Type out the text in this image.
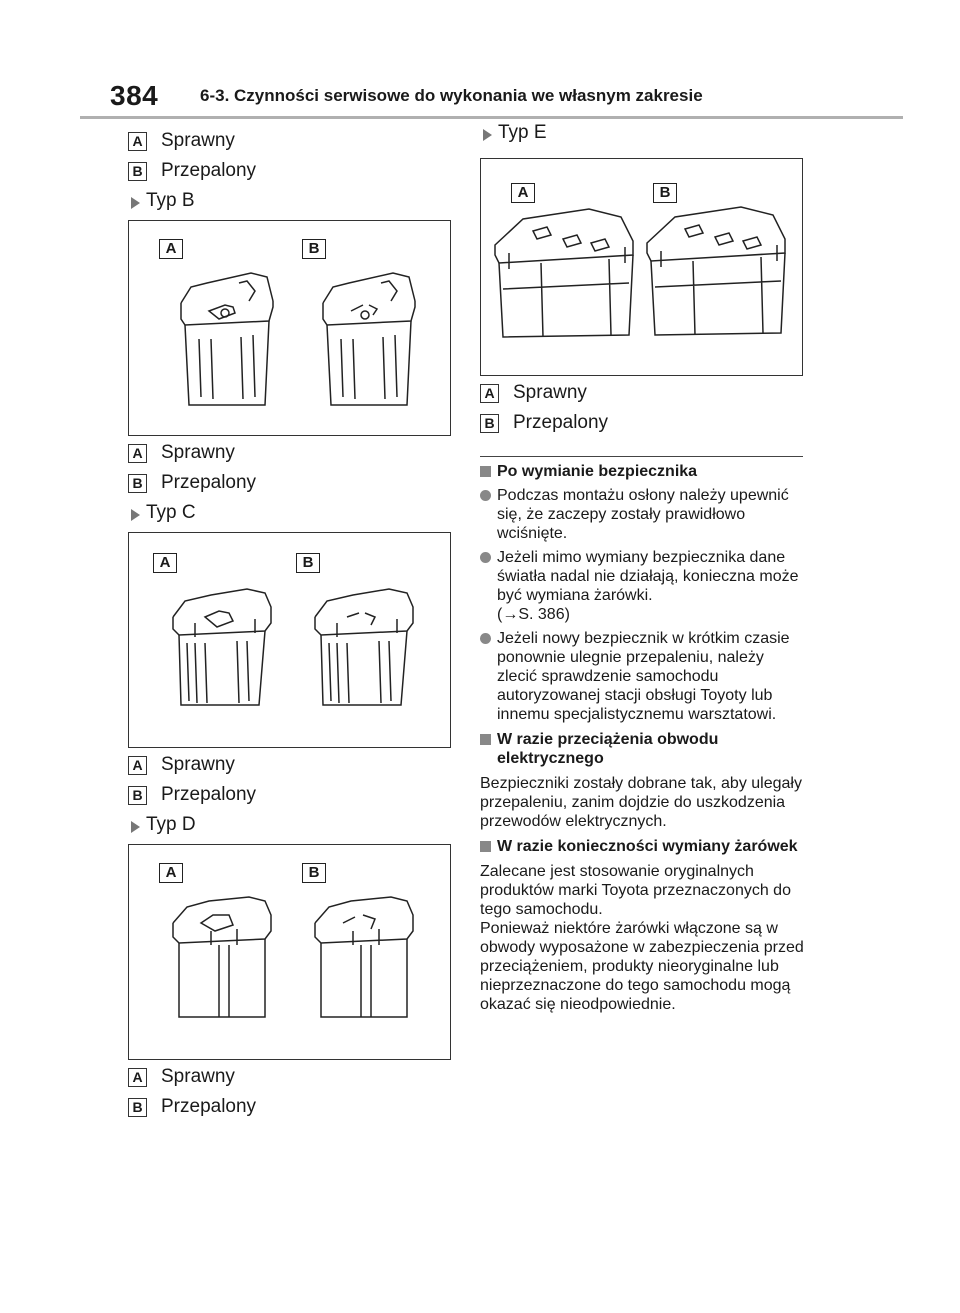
384 6-3. Czynności serwisowe do wykonania we własnym zakresie
A Sprawny
B Przepalony
Typ B
A	B
A Sprawny
B Przepalony
Typ C
A	B
A Sprawny
B Przepalony
Typ D
A	B
A Sprawny
B Przepalony
Typ E
A	B
A Sprawny
B Przepalony
Po wymianie bezpiecznika
Podczas montażu osłony należy upewnić się, że zaczepy zostały prawidłowo wciśnięte.
Jeżeli mimo wymiany bezpiecznika dane światła nadal nie działają, konieczna może być wymiana żarówki.
(→S. 386)
Jeżeli nowy bezpiecznik w krótkim czasie ponownie ulegnie przepaleniu, należy zlecić sprawdzenie samochodu autoryzowanej stacji obsługi Toyoty lub innemu specjalistycznemu warsztatowi.
W razie przeciążenia obwodu elektrycznego
Bezpieczniki zostały dobrane tak, aby ulegały przepaleniu, zanim dojdzie do uszkodzenia przewodów elektrycznych.
W razie konieczności wymiany żarówek
Zalecane jest stosowanie oryginalnych produktów marki Toyota przeznaczonych do tego samochodu.
Ponieważ niektóre żarówki włączone są w obwody wyposażone w zabezpieczenia przed przeciążeniem, produkty nieoryginalne lub nieprzeznaczone do tego samochodu mogą okazać się nieodpowiednie.
